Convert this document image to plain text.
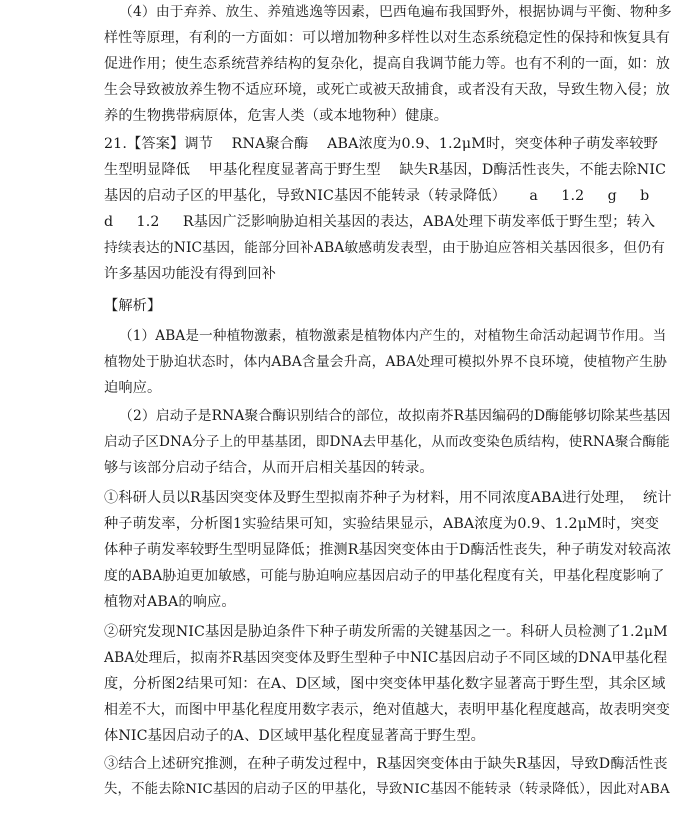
（4）由于弃养、放生、养殖逃逸等因素，巴西龟遍布我国野外，根据协调与平衡、物种多
样性等原理，有利的一方面如：可以增加物种多样性以对生态系统稳定性的保持和恢复具有
促进作用；使生态系统营养结构的复杂化，提高自我调节能力等。也有不利的一面，如：放
生会导致被放养生物不适应环境，或死亡或被天敌捕食，或者没有天敌，导致生物入侵；放
养的生物携带病原体，危害人类（或本地物种）健康。
21.【答案】调节    RNA聚合酶    ABA浓度为0.9、1.2μM时，突变体种子萌发率较野
生型明显降低    甲基化程度显著高于野生型    缺失R基因，D酶活性丧失，不能去除NIC
基因的启动子区的甲基化，导致NIC基因不能转录（转录降低）     a     1.2     g     b
d     1.2     R基因广泛影响胁迫相关基因的表达，ABA处理下萌发率低于野生型；转入
持续表达的NIC基因，能部分回补ABA敏感萌发表型，由于胁迫应答相关基因很多，但仍有
许多基因功能没有得到回补
【解析】
（1）ABA是一种植物激素，植物激素是植物体内产生的，对植物生命活动起调节作用。当
植物处于胁迫状态时，体内ABA含量会升高，ABA处理可模拟外界不良环境，使植物产生胁
迫响应。
（2）启动子是RNA聚合酶识别结合的部位，故拟南芥R基因编码的D酶能够切除某些基因
启动子区DNA分子上的甲基基团，即DNA去甲基化，从而改变染色质结构，使RNA聚合酶能
够与该部分启动子结合，从而开启相关基因的转录。
①科研人员以R基因突变体及野生型拟南芥种子为材料，用不同浓度ABA进行处理，  统计
种子萌发率，分析图1实验结果可知，实验结果显示，ABA浓度为0.9、1.2μM时，突变
体种子萌发率较野生型明显降低；推测R基因突变体由于D酶活性丧失，种子萌发对较高浓
度的ABA胁迫更加敏感，可能与胁迫响应基因启动子的甲基化程度有关，甲基化程度影响了
植物对ABA的响应。
②研究发现NIC基因是胁迫条件下种子萌发所需的关键基因之一。科研人员检测了1.2μM
ABA处理后，拟南芥R基因突变体及野生型种子中NIC基因启动子不同区域的DNA甲基化程
度，分析图2结果可知：在A、D区域，图中突变体甲基化数字显著高于野生型，其余区域
相差不大，而图中甲基化程度用数字表示，绝对值越大，表明甲基化程度越高，故表明突变
体NIC基因启动子的A、D区域甲基化程度显著高于野生型。
③结合上述研究推测，在种子萌发过程中，R基因突变体由于缺失R基因，导致D酶活性丧
失，不能去除NIC基因的启动子区的甲基化，导致NIC基因不能转录（转录降低），因此对ABA
